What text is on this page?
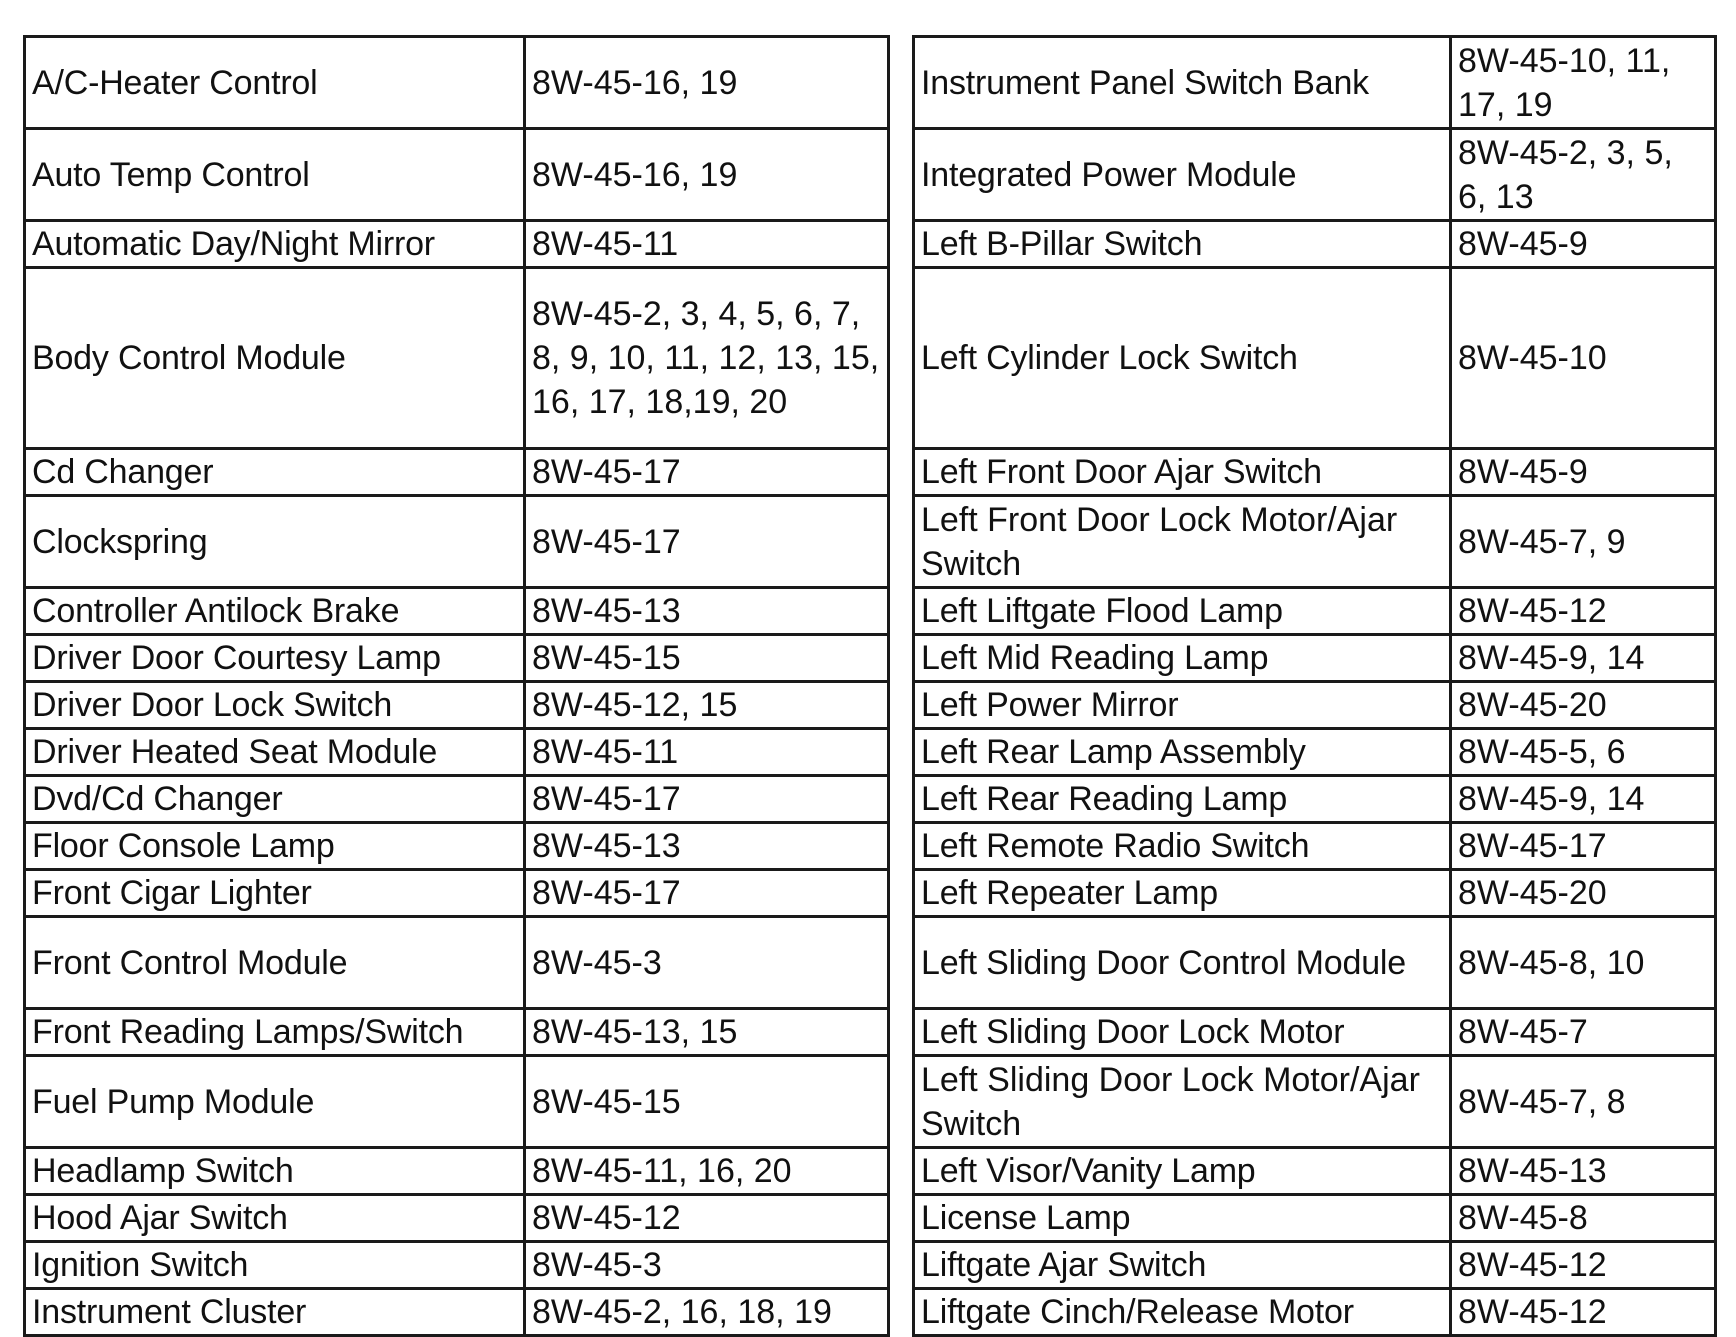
A/C-Heater Control	8W-45-16, 19		Instrument Panel Switch Bank	8W-45-10, 11, 17, 19
Auto Temp Control	8W-45-16, 19		Integrated Power Module	8W-45-2, 3, 5, 6, 13
Automatic Day/Night Mirror	8W-45-11		Left B-Pillar Switch	8W-45-9
Body Control Module	8W-45-2, 3, 4, 5, 6, 7, 8, 9, 10, 11, 12, 13, 15, 16, 17, 18,19, 20		Left Cylinder Lock Switch	8W-45-10
Cd Changer	8W-45-17		Left Front Door Ajar Switch	8W-45-9
Clockspring	8W-45-17		Left Front Door Lock Motor/Ajar Switch	8W-45-7, 9
Controller Antilock Brake	8W-45-13		Left Liftgate Flood Lamp	8W-45-12
Driver Door Courtesy Lamp	8W-45-15		Left Mid Reading Lamp	8W-45-9, 14
Driver Door Lock Switch	8W-45-12, 15		Left Power Mirror	8W-45-20
Driver Heated Seat Module	8W-45-11		Left Rear Lamp Assembly	8W-45-5, 6
Dvd/Cd Changer	8W-45-17		Left Rear Reading Lamp	8W-45-9, 14
Floor Console Lamp	8W-45-13		Left Remote Radio Switch	8W-45-17
Front Cigar Lighter	8W-45-17		Left Repeater Lamp	8W-45-20
Front Control Module	8W-45-3		Left Sliding Door Control Module	8W-45-8, 10
Front Reading Lamps/Switch	8W-45-13, 15		Left Sliding Door Lock Motor	8W-45-7
Fuel Pump Module	8W-45-15		Left Sliding Door Lock Motor/Ajar Switch	8W-45-7, 8
Headlamp Switch	8W-45-11, 16, 20		Left Visor/Vanity Lamp	8W-45-13
Hood Ajar Switch	8W-45-12		License Lamp	8W-45-8
Ignition Switch	8W-45-3		Liftgate Ajar Switch	8W-45-12
Instrument Cluster	8W-45-2, 16, 18, 19		Liftgate Cinch/Release Motor	8W-45-12
